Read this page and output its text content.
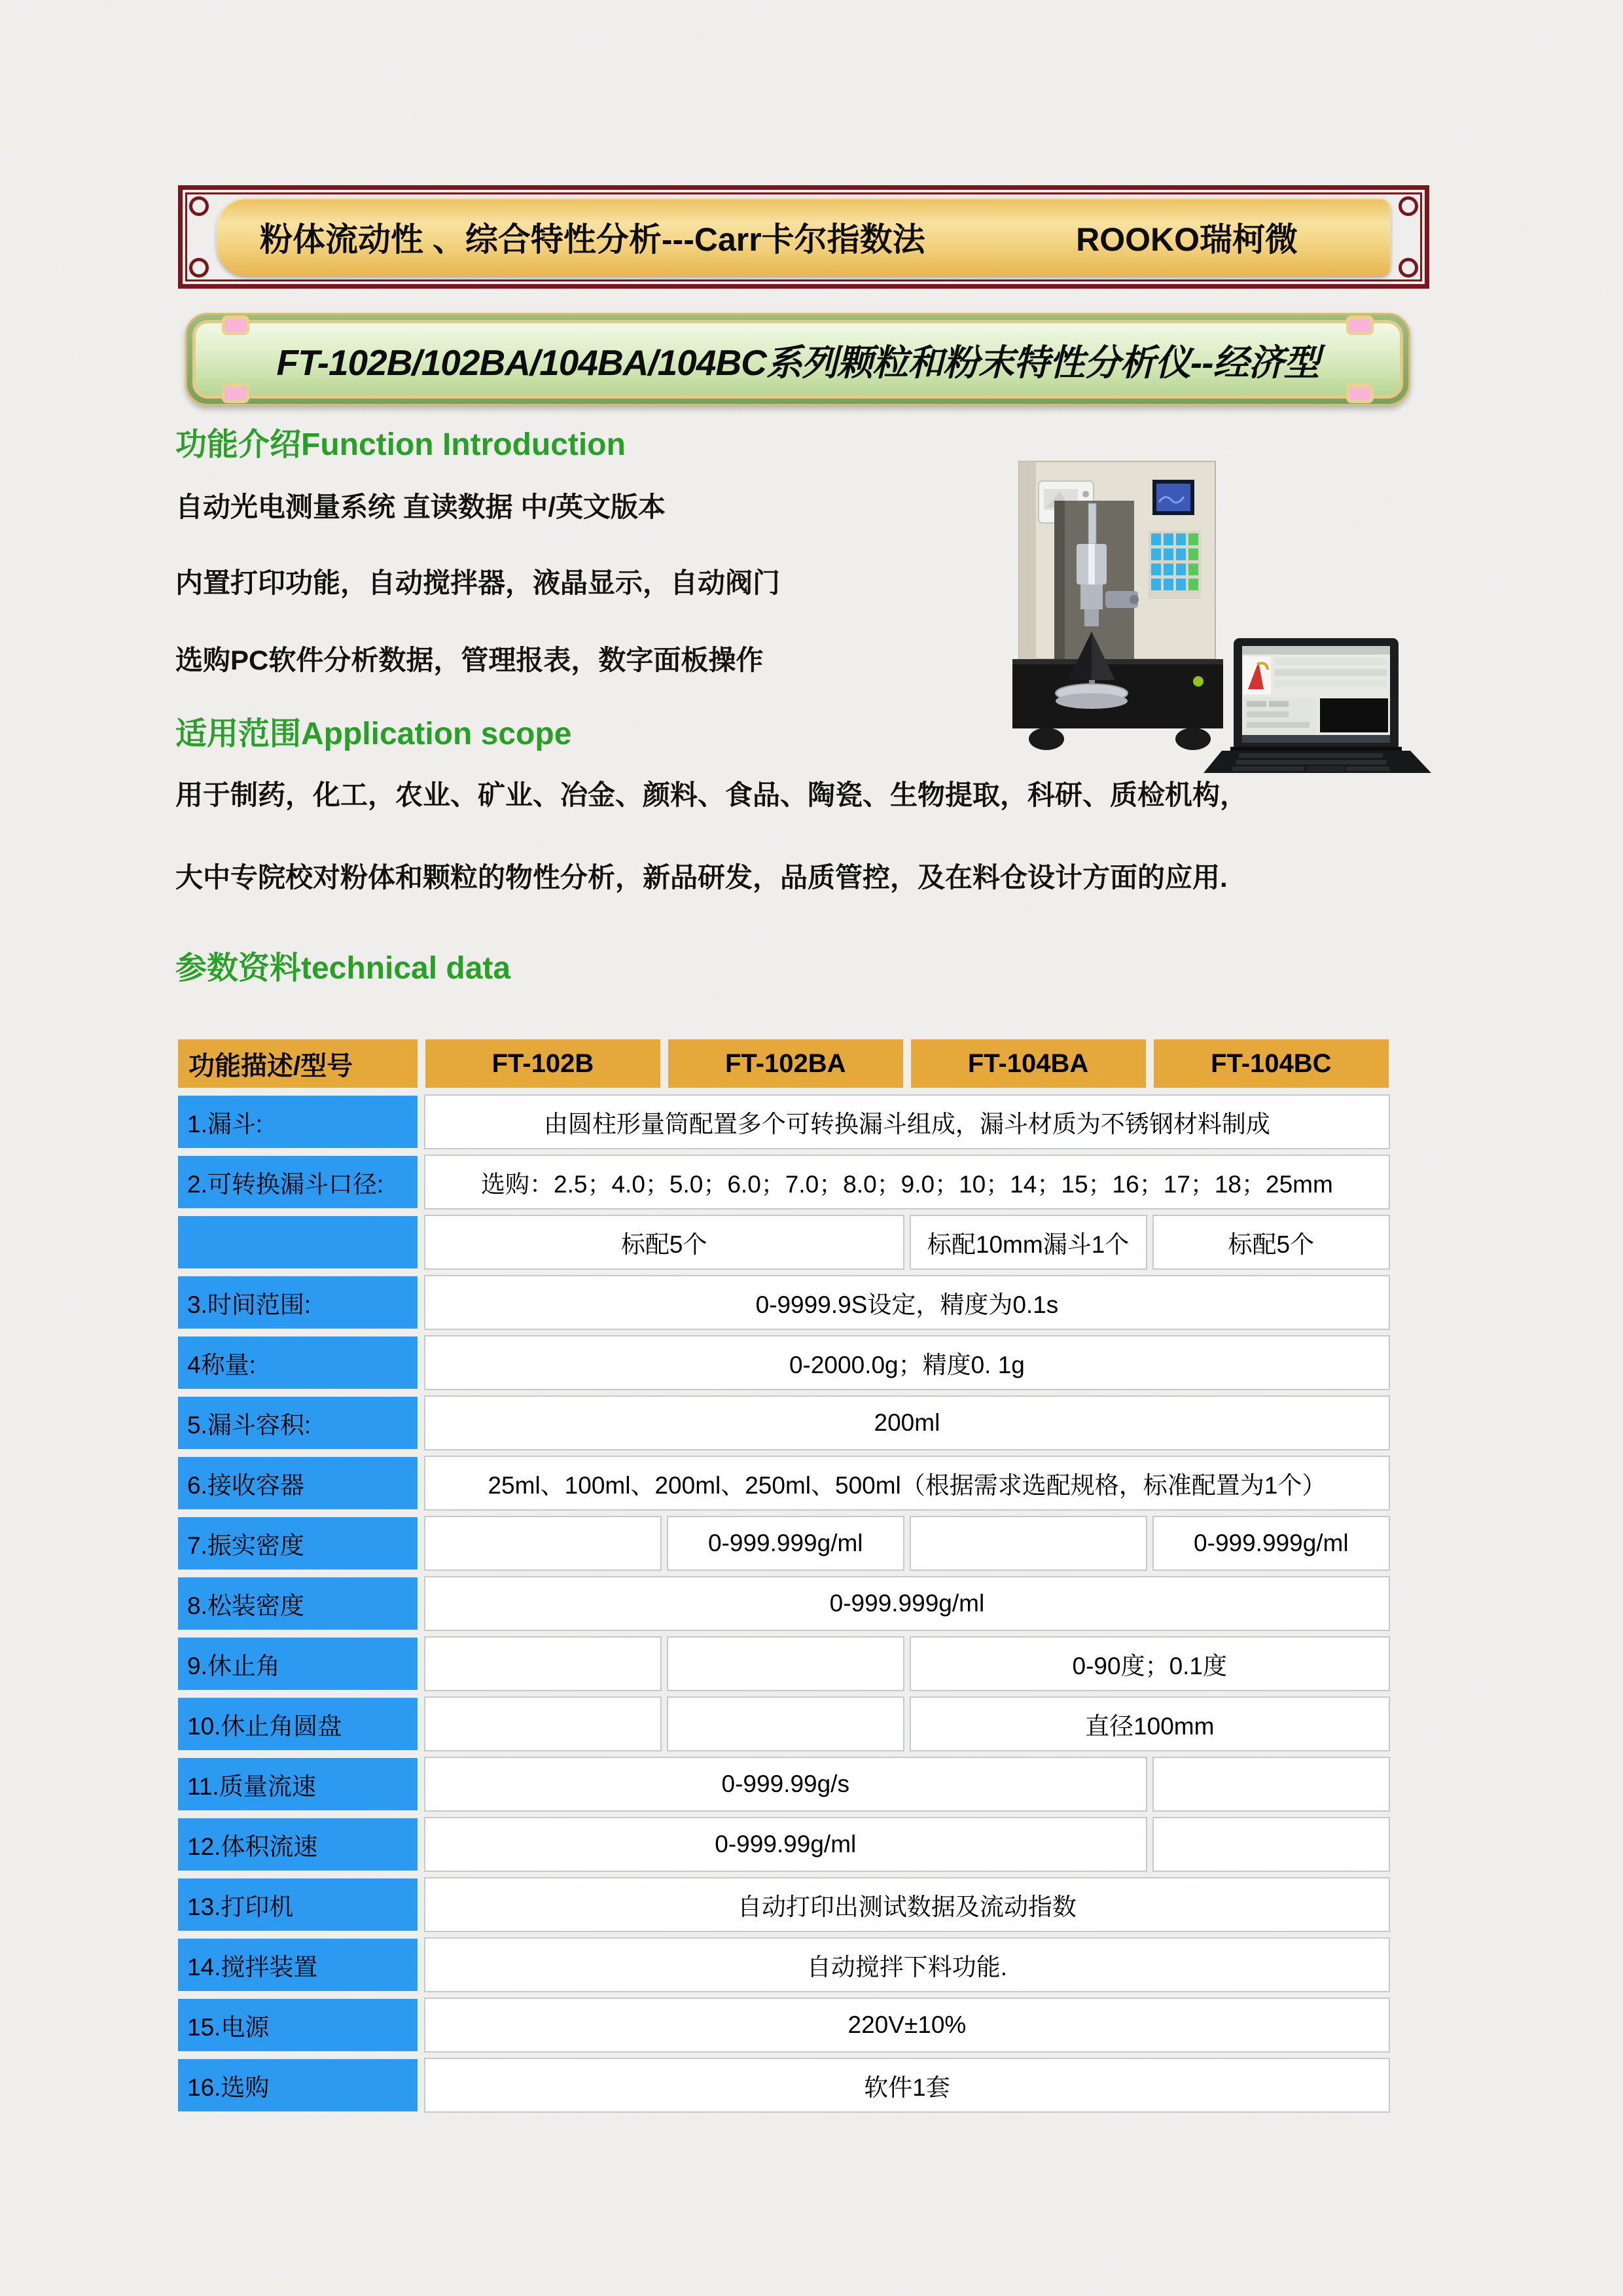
粉体流动性 、综合特性分析---Carr卡尔指数法	ROOKO瑞柯微
FT-102B/102BA/104BA/104BC系列颗粒和粉末特性分析仪--经济型
功能介绍Function Introduction
自动光电测量系统 直读数据 中/英文版本
内置打印功能，自动搅拌器，液晶显示，自动阀门
选购PC软件分析数据，管理报表，数字面板操作
适用范围Application scope
用于制药，化工，农业、矿业、冶金、颜料、食品、陶瓷、生物提取，科研、质检机构，
大中专院校对粉体和颗粒的物性分析，新品研发，品质管控，及在料仓设计方面的应用.
参数资料technical data
功能描述/型号	FT-102B	FT-102BA	FT-104BA	FT-104BC
1.漏斗:	由圆柱形量筒配置多个可转换漏斗组成，漏斗材质为不锈钢材料制成			
2.可转换漏斗口径:	选购：2.5；4.0；5.0；6.0；7.0；8.0；9.0；10；14；15；16；17；18；25mm			
	标配5个		标配10mm漏斗1个	标配5个
3.时间范围:	0-9999.9S设定，精度为0.1s			
4称量:	0-2000.0g；精度0. 1g			
5.漏斗容积:	200ml			
6.接收容器	25ml、100ml、200ml、250ml、500ml（根据需求选配规格，标准配置为1个）			
7.振实密度		0-999.999g/ml		0-999.999g/ml
8.松装密度	0-999.999g/ml			
9.休止角			0-90度；0.1度	
10.休止角圆盘			直径100mm	
11.质量流速	0-999.99g/s			
12.体积流速	0-999.99g/ml			
13.打印机	自动打印出测试数据及流动指数			
14.搅拌装置	自动搅拌下料功能.			
15.电源	220V±10%			
16.选购	软件1套			
